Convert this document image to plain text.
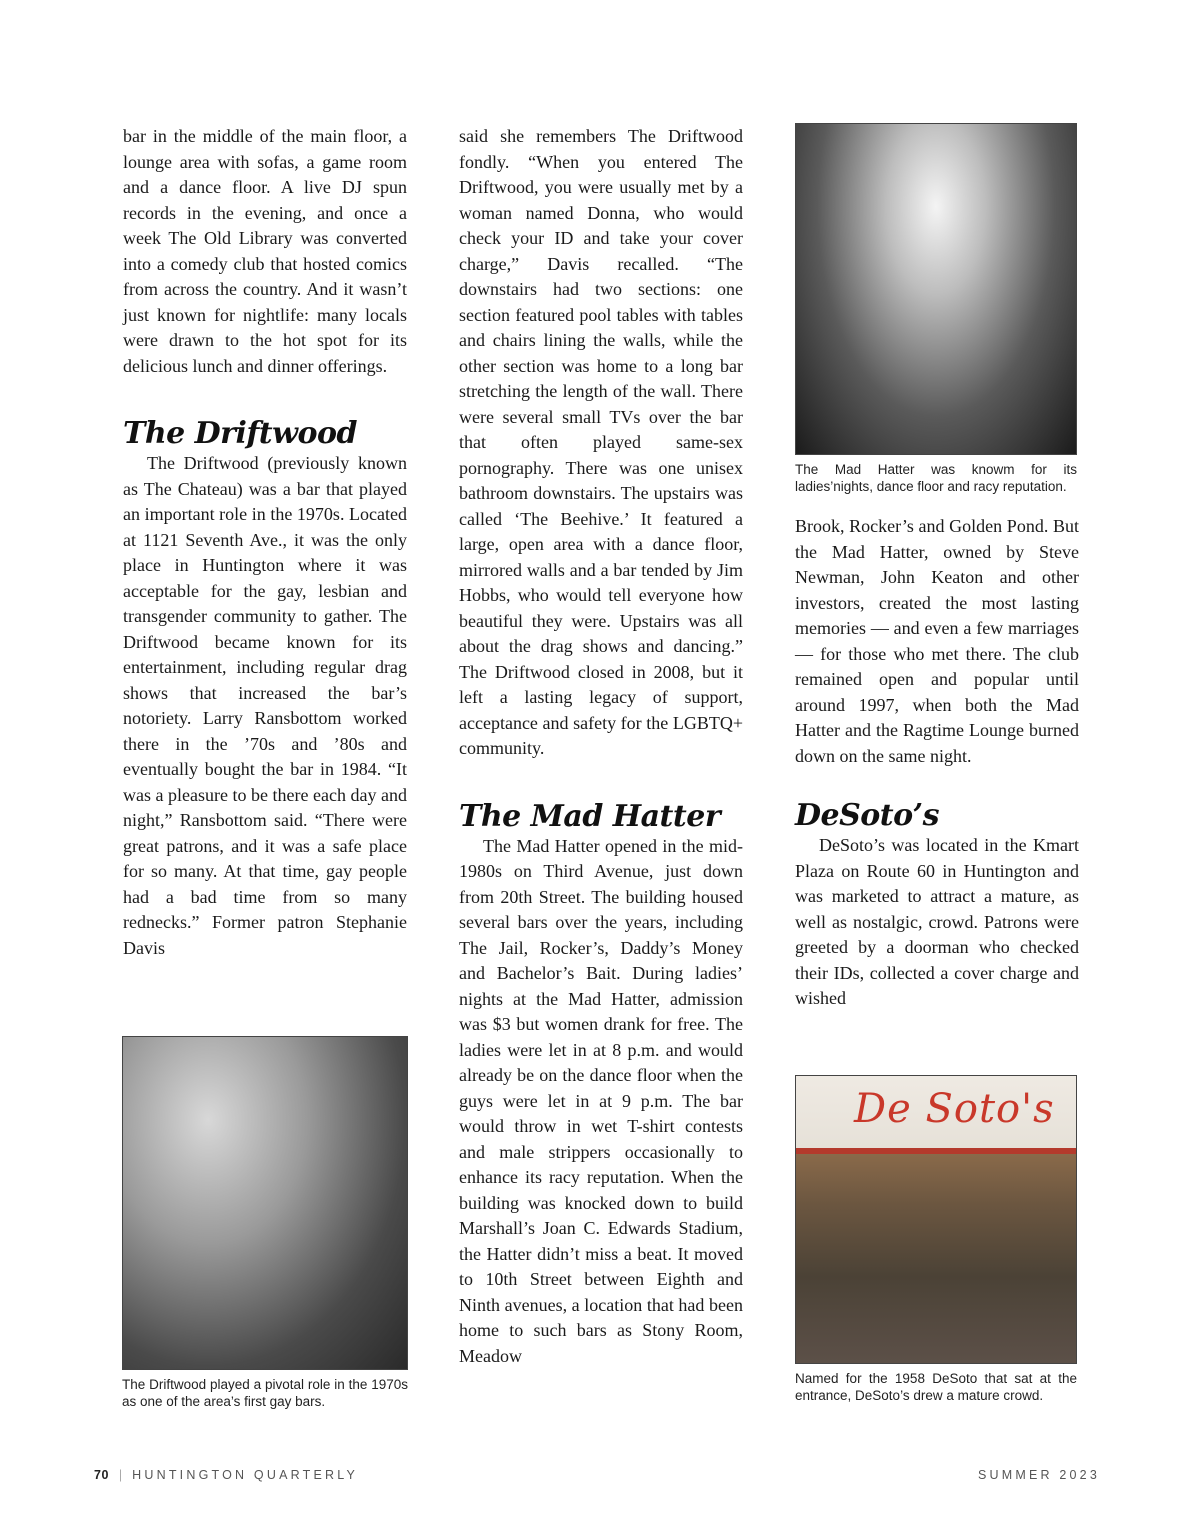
bar in the middle of the main floor, a lounge area with sofas, a game room and a dance floor. A live DJ spun records in the evening, and once a week The Old Library was converted into a comedy club that hosted comics from across the country. And it wasn’t just known for nightlife: many locals were drawn to the hot spot for its delicious lunch and dinner offerings.

The Driftwood

The Driftwood (previously known as The Chateau) was a bar that played an important role in the 1970s. Located at 1121 Seventh Ave., it was the only place in Huntington where it was acceptable for the gay, lesbian and transgender community to gather. The Driftwood became known for its entertainment, including regular drag shows that increased the bar’s notoriety. Larry Ransbottom worked there in the ’70s and ’80s and eventually bought the bar in 1984. “It was a pleasure to be there each day and night,” Ransbottom said. “There were great patrons, and it was a safe place for so many. At that time, gay people had a bad time from so many rednecks.” Former patron Stephanie Davis

said she remembers The Driftwood fondly. “When you entered The Driftwood, you were usually met by a woman named Donna, who would check your ID and take your cover charge,” Davis recalled. “The downstairs had two sections: one section featured pool tables with tables and chairs lining the walls, while the other section was home to a long bar stretching the length of the wall. There were several small TVs over the bar that often played same-sex pornography. There was one unisex bathroom downstairs. The upstairs was called ‘The Beehive.’ It featured a large, open area with a dance floor, mirrored walls and a bar tended by Jim Hobbs, who would tell everyone how beautiful they were. Upstairs was all about the drag shows and dancing.” The Driftwood closed in 2008, but it left a lasting legacy of support, acceptance and safety for the LGBTQ+ community.

The Mad Hatter

The Mad Hatter opened in the mid-1980s on Third Avenue, just down from 20th Street. The building housed several bars over the years, including The Jail, Rocker’s, Daddy’s Money and Bachelor’s Bait. During ladies’ nights at the Mad Hatter, admission was $3 but women drank for free. The ladies were let in at 8 p.m. and would already be on the dance floor when the guys were let in at 9 p.m. The bar would throw in wet T-shirt contests and male strippers occasionally to enhance its racy reputation. When the building was knocked down to build Marshall’s Joan C. Edwards Stadium, the Hatter didn’t miss a beat. It moved to 10th Street between Eighth and Ninth avenues, a location that had been home to such bars as Stony Room, Meadow

Brook, Rocker’s and Golden Pond. But the Mad Hatter, owned by Steve Newman, John Keaton and other investors, created the most lasting memories — and even a few marriages — for those who met there. The club remained open and popular until around 1997, when both the Mad Hatter and the Ragtime Lounge burned down on the same night.

DeSoto’s

DeSoto’s was located in the Kmart Plaza on Route 60 in Huntington and was marketed to attract a mature, as well as nostalgic, crowd. Patrons were greeted by a doorman who checked their IDs, collected a cover charge and wished

The Mad Hatter was knowm for its ladies’nights, dance floor and racy reputation.
The Driftwood played a pivotal role in the 1970s as one of the area’s first gay bars.
De Soto's
Named for the 1958 DeSoto that sat at the entrance, DeSoto’s drew a mature crowd.
70 | HUNTINGTON QUARTERLY	SUMMER 2023
